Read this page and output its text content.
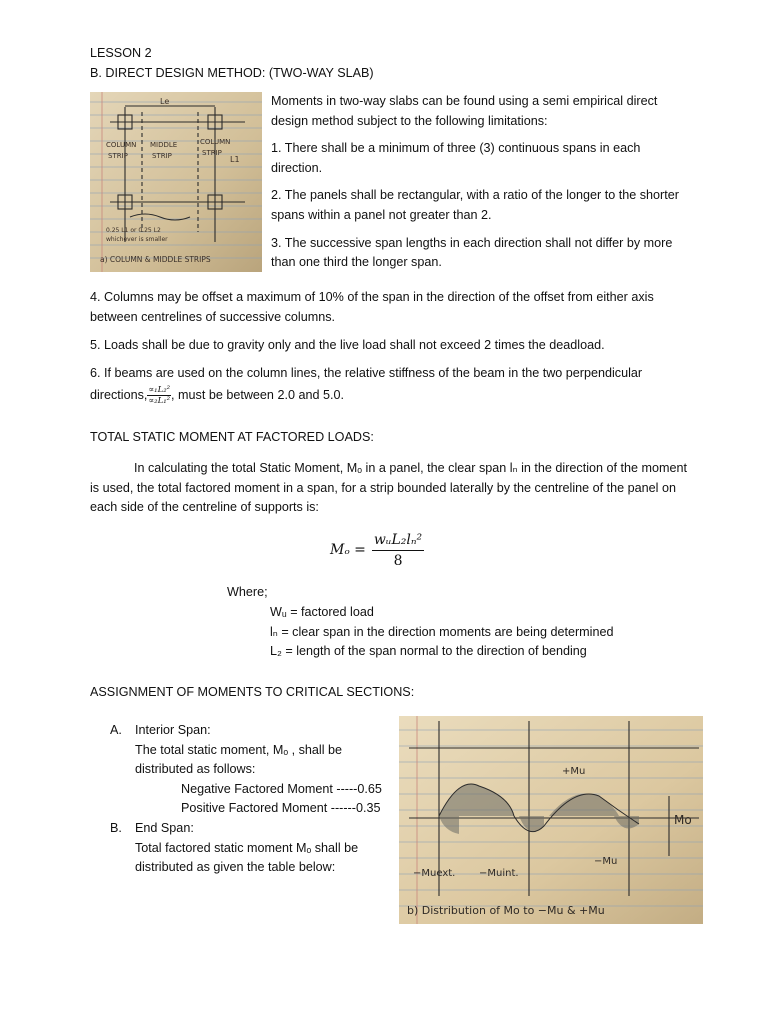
LESSON 2

B. DIRECT DESIGN METHOD: (TWO-WAY SLAB)

Le
L1
COLUMN
STRIP
MIDDLE
STRIP
COLUMN
STRIP
0.25 L1 or 0.25 L2
whichever is smaller
a) COLUMN & MIDDLE STRIPS

Moments in two-way slabs can be found using a semi empirical direct design method subject to the following limitations:

1. There shall be a minimum of three (3) continuous spans in each direction.

2. The panels shall be rectangular, with a ratio of the longer to the shorter spans within a panel not greater than 2.

3. The successive span lengths in each direction shall not differ by more than one third the longer span.

4. Columns may be offset a maximum of 10% of the span in the direction of the offset from either axis between centrelines of successive columns.

5. Loads shall be due to gravity only and the live load shall not exceed 2 times the deadload.

6. If beams are used on the column lines, the relative stiffness of the beam in the two perpendicular

directions, $\frac{\text{∝₁L₂²}}{\text{∝₂L₁²}}$ , must be between 2.0 and 5.0.

TOTAL STATIC MOMENT AT FACTORED LOADS:

In calculating the total Static Moment, Mₒ in a panel, the clear span lₙ in the direction of the moment is used, the total factored moment in a span, for a strip bounded laterally by the centreline of the panel on each side of the centreline of supports is:

$M_o = \frac{\text{wᵤL₂lₙ²}}{8}$

Where;

Wᵤ = factored load

lₙ = clear span in the direction moments are being determined

L₂ = length of the span normal to the direction of bending

ASSIGNMENT OF MOMENTS TO CRITICAL SECTIONS:

A. Interior Span:

The total static moment, Mₒ , shall be

distributed as follows:

Negative Factored Moment -----0.65

Positive Factored Moment ------0.35

B. End Span:

Total factored static moment Mₒ shall be

distributed as given the table below:

+Mu
Mo
−Mu
−Muext. −Muint.
b) Distribution of Mo to −Mu & +Mu
